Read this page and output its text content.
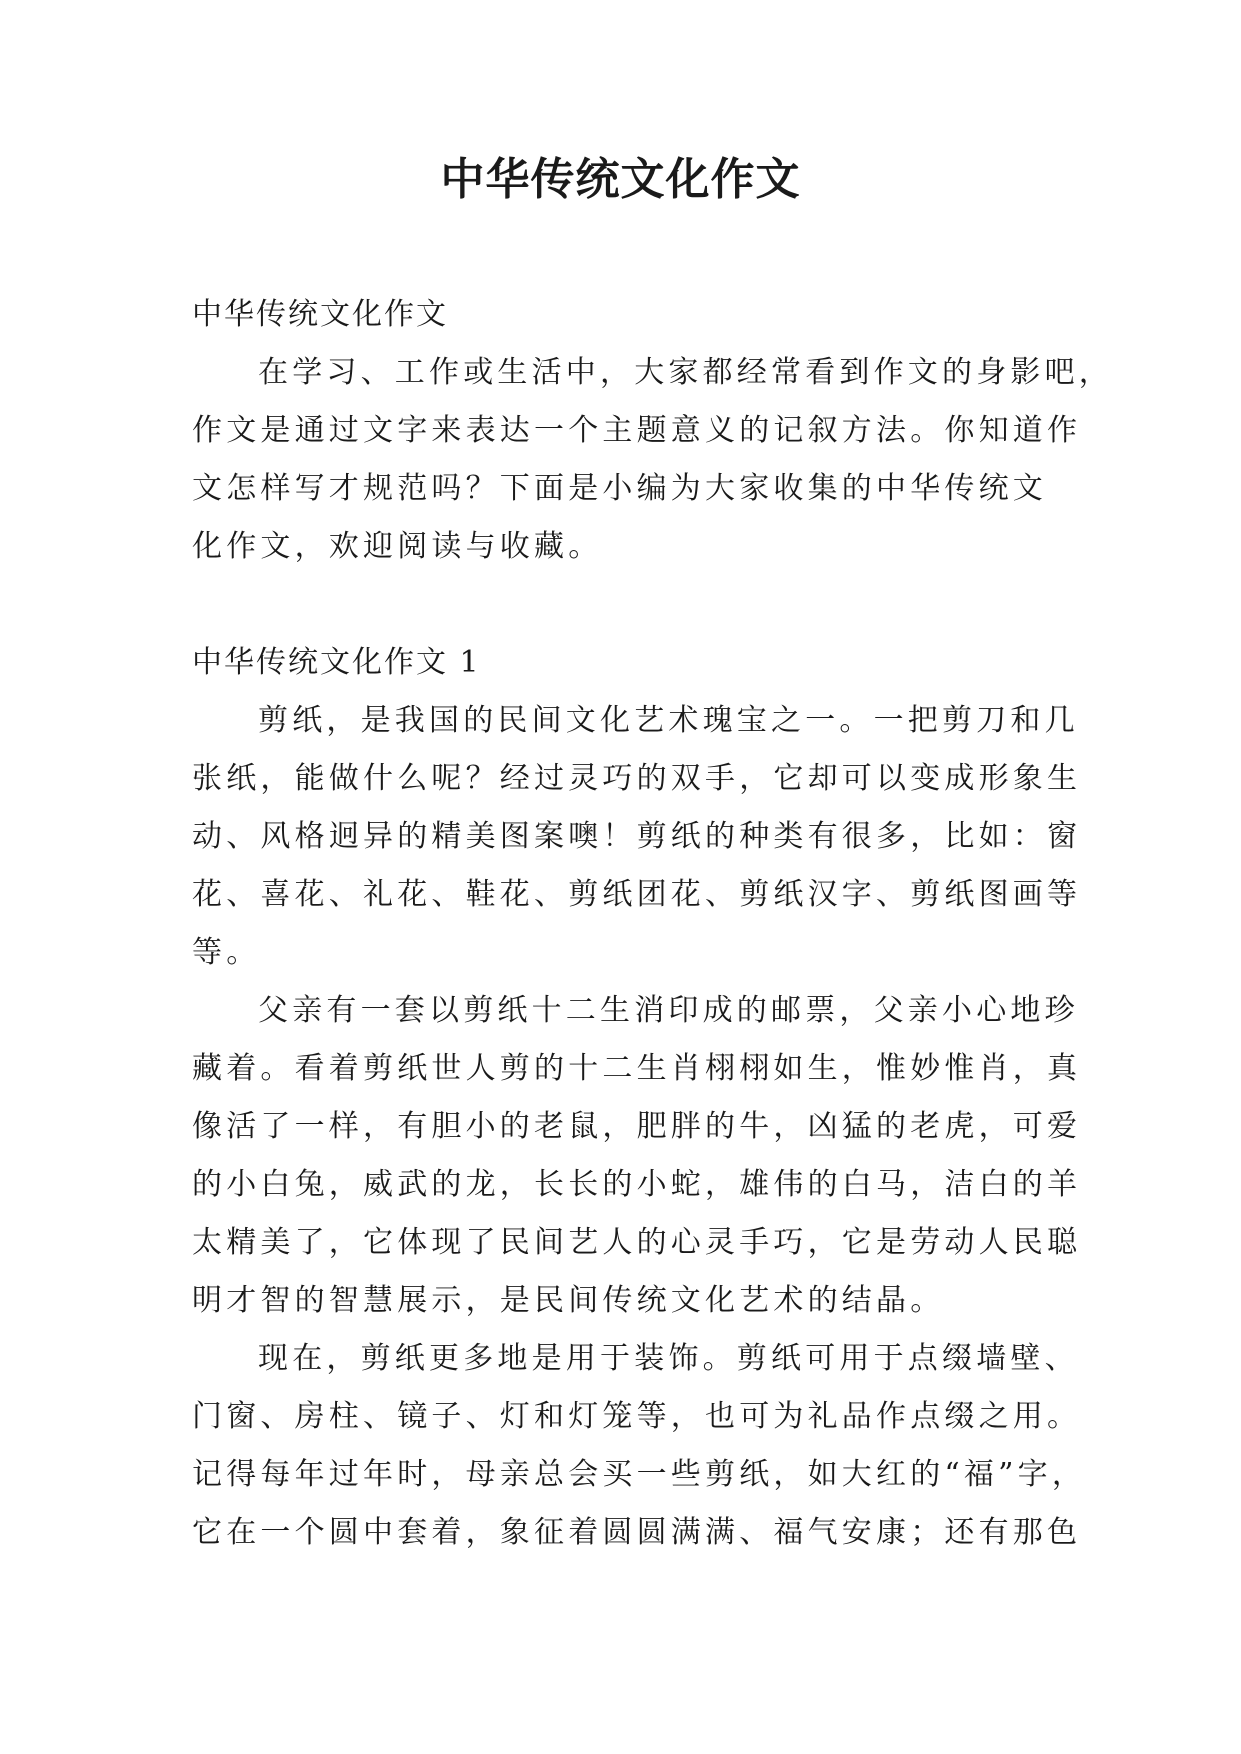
中华传统文化作文

中华传统文化作文

在学习、工作或生活中，大家都经常看到作文的身影吧，
作文是通过文字来表达一个主题意义的记叙方法。你知道作
文怎样写才规范吗？下面是小编为大家收集的中华传统文
化作文，欢迎阅读与收藏。

中华传统文化作文 1

剪纸，是我国的民间文化艺术瑰宝之一。一把剪刀和几
张纸，能做什么呢？经过灵巧的双手，它却可以变成形象生
动、风格迥异的精美图案噢！剪纸的种类有很多，比如：窗
花、喜花、礼花、鞋花、剪纸团花、剪纸汉字、剪纸图画等
等。
父亲有一套以剪纸十二生消印成的邮票，父亲小心地珍
藏着。看着剪纸世人剪的十二生肖栩栩如生，惟妙惟肖，真
像活了一样，有胆小的老鼠，肥胖的牛，凶猛的老虎，可爱
的小白兔，威武的龙，长长的小蛇，雄伟的白马，洁白的羊
太精美了，它体现了民间艺人的心灵手巧，它是劳动人民聪
明才智的智慧展示，是民间传统文化艺术的结晶。
现在，剪纸更多地是用于装饰。剪纸可用于点缀墙壁、
门窗、房柱、镜子、灯和灯笼等，也可为礼品作点缀之用。
记得每年过年时，母亲总会买一些剪纸，如大红的“福”字，
它在一个圆中套着，象征着圆圆满满、福气安康；还有那色
